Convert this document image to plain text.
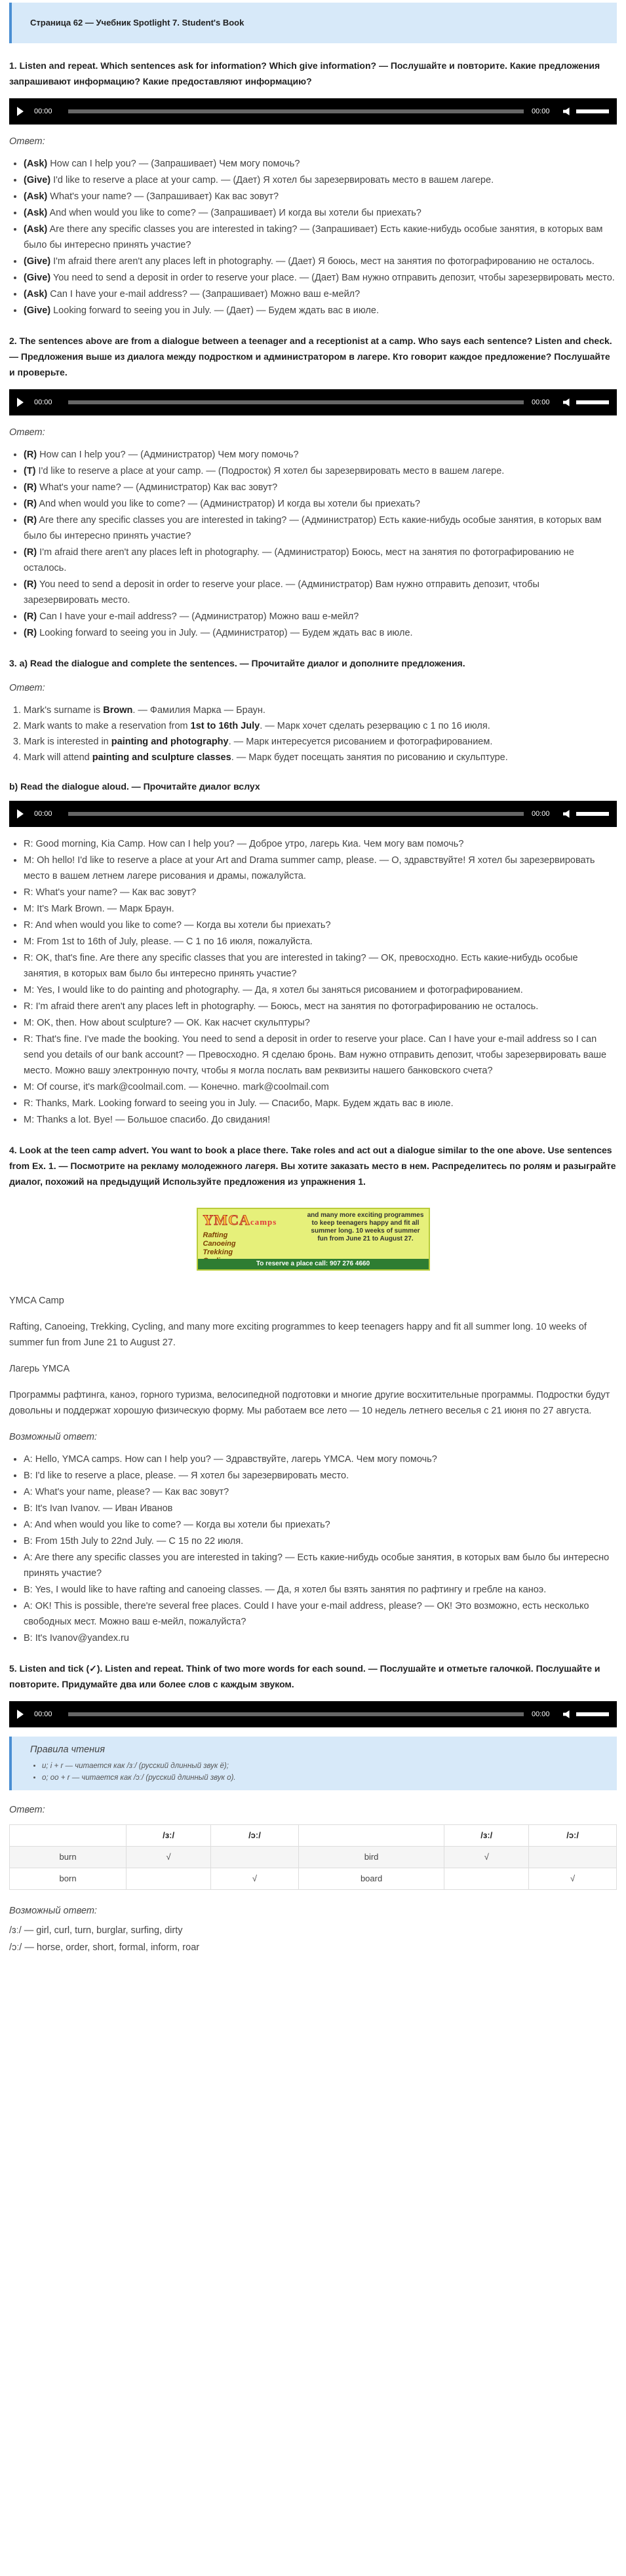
Страница 62 — Учебник Spotlight 7. Student's Book
1. Listen and repeat. Which sentences ask for information? Which give information? — Послушайте и повторите. Какие предложения запрашивают информацию? Какие предоставляют информацию?
00:00	00:00
Ответ:
• (Ask) How can I help you? — (Запрашивает) Чем могу помочь?
• (Give) I'd like to reserve a place at your camp. — (Дает) Я хотел бы зарезервировать место в вашем лагере.
• (Ask) What's your name? — (Запрашивает) Как вас зовут?
• (Ask) And when would you like to come? — (Запрашивает) И когда вы хотели бы приехать?
• (Ask) Are there any specific classes you are interested in taking? — (Запрашивает) Есть какие-нибудь особые занятия, в которых вам было бы интересно принять участие?
• (Give) I'm afraid there aren't any places left in photography. — (Дает) Я боюсь, мест на занятия по фотографированию не осталось.
• (Give) You need to send a deposit in order to reserve your place. — (Дает) Вам нужно отправить депозит, чтобы зарезервировать место.
• (Ask) Can I have your e-mail address? — (Запрашивает) Можно ваш e-мейл?
• (Give) Looking forward to seeing you in July. — (Дает) — Будем ждать вас в июле.
2. The sentences above are from a dialogue between a teenager and a receptionist at a camp. Who says each sentence? Listen and check. — Предложения выше из диалога между подростком и администратором в лагере. Кто говорит каждое предложение? Послушайте и проверьте.
00:00	00:00
Ответ:
• (R) How can I help you? — (Администратор) Чем могу помочь?
• (T) I'd like to reserve a place at your camp. — (Подросток) Я хотел бы зарезервировать место в вашем лагере.
• (R) What's your name? — (Администратор) Как вас зовут?
• (R) And when would you like to come? — (Администратор) И когда вы хотели бы приехать?
• (R) Are there any specific classes you are interested in taking? — (Администратор) Есть какие-нибудь особые занятия, в которых вам было бы интересно принять участие?
• (R) I'm afraid there aren't any places left in photography. — (Администратор) Боюсь, мест на занятия по фотографированию не осталось.
• (R) You need to send a deposit in order to reserve your place. — (Администратор) Вам нужно отправить депозит, чтобы зарезервировать место.
• (R) Can I have your e-mail address? — (Администратор) Можно ваш e-мейл?
• (R) Looking forward to seeing you in July. — (Администратор) — Будем ждать вас в июле.
3. a) Read the dialogue and complete the sentences. — Прочитайте диалог и дополните предложения.
Ответ:
1. Mark's surname is Brown. — Фамилия Марка — Браун.
2. Mark wants to make a reservation from 1st to 16th July. — Марк хочет сделать резервацию с 1 по 16 июля.
3. Mark is interested in painting and photography. — Марк интересуется рисованием и фотографированием.
4. Mark will attend painting and sculpture classes. — Марк будет посещать занятия по рисованию и скульптуре.
b) Read the dialogue aloud. — Прочитайте диалог вслух
00:00	00:00
• R: Good morning, Kia Camp. How can I help you? — Доброе утро, лагерь Киа. Чем могу вам помочь?
• M: Oh hello! I'd like to reserve a place at your Art and Drama summer camp, please. — О, здравствуйте! Я хотел бы зарезервировать место в вашем летнем лагере рисования и драмы, пожалуйста.
• R: What's your name? — Как вас зовут?
• M: It's Mark Brown. — Марк Браун.
• R: And when would you like to come? — Когда вы хотели бы приехать?
• M: From 1st to 16th of July, please. — С 1 по 16 июля, пожалуйста.
• R: OK, that's fine. Are there any specific classes that you are interested in taking? — ОК, превосходно. Есть какие-нибудь особые занятия, в которых вам было бы интересно принять участие?
• M: Yes, I would like to do painting and photography. — Да, я хотел бы заняться рисованием и фотографированием.
• R: I'm afraid there aren't any places left in photography. — Боюсь, мест на занятия по фотографированию не осталось.
• M: OK, then. How about sculpture? — ОК. Как насчет скульптуры?
• R: That's fine. I've made the booking. You need to send a deposit in order to reserve your place. Can I have your e-mail address so I can send you details of our bank account? — Превосходно. Я сделаю бронь. Вам нужно отправить депозит, чтобы зарезервировать ваше место. Можно вашу электронную почту, чтобы я могла послать вам реквизиты нашего банковского счета?
• M: Of course, it's mark@coolmail.com. — Конечно. mark@coolmail.com
• R: Thanks, Mark. Looking forward to seeing you in July. — Спасибо, Марк. Будем ждать вас в июле.
• M: Thanks a lot. Bye! — Большое спасибо. До свидания!
4. Look at the teen camp advert. You want to book a place there. Take roles and act out a dialogue similar to the one above. Use sentences from Ex. 1. — Посмотрите на рекламу молодежного лагеря. Вы хотите заказать место в нем. Распределитесь по ролям и разыграйте диалог, похожий на предыдущий Используйте предложения из упражнения 1.
YMCAcamps
Rafting
Canoeing
Trekking
and many more exciting programmes to keep teenagers happy and fit all summer long. 10 weeks of summer fun from June 21 to August 27.
To reserve a place call: 907 276 4660

YMCA Camp

Rafting, Canoeing, Trekking, Cycling, and many more exciting programmes to keep teenagers happy and fit all summer long. 10 weeks of summer fun from June 21 to August 27.

Лагерь YMCA

Программы рафтинга, каноэ, горного туризма, велосипедной подготовки и многие другие восхитительные программы. Подростки будут довольны и поддержат хорошую физическую форму. Мы работаем все лето — 10 недель летнего веселья с 21 июня по 27 августа.

Возможный ответ:
• A: Hello, YMCA camps. How can I help you? — Здравствуйте, лагерь YMCA. Чем могу помочь?
• B: I'd like to reserve a place, please. — Я хотел бы зарезервировать место.
• A: What's your name, please? — Как вас зовут?
• B: It's Ivan Ivanov. — Иван Иванов
• A: And when would you like to come? — Когда вы хотели бы приехать?
• B: From 15th July to 22nd July. — С 15 по 22 июля.
• A: Are there any specific classes you are interested in taking? — Есть какие-нибудь особые занятия, в которых вам было бы интересно принять участие?
• B: Yes, I would like to have rafting and canoeing classes. — Да, я хотел бы взять занятия по рафтингу и гребле на каноэ.
• A: OK! This is possible, there're several free places. Could I have your e-mail address, please? — ОК! Это возможно, есть несколько свободных мест. Можно ваш е-мейл, пожалуйста?
• B: It's Ivanov@yandex.ru
5. Listen and tick (✓). Listen and repeat. Think of two more words for each sound. — Послушайте и отметьте галочкой. Послушайте и повторите. Придумайте два или более слов с каждым звуком.
00:00	00:00
Правила чтения
• u; i + r — читается как /ɜː/ (русский длинный звук ё);
• o; oo + r — читается как /ɔː/ (русский длинный звук о).
Ответ:
	/ɜː/	/ɔː/		/ɜː/	/ɔː/
burn	√		bird	√	
born		√	board		√
Возможный ответ:
/ɜː/ — girl, curl, turn, burglar, surfing, dirty
/ɔː/ — horse, order, short, formal, inform, roar
